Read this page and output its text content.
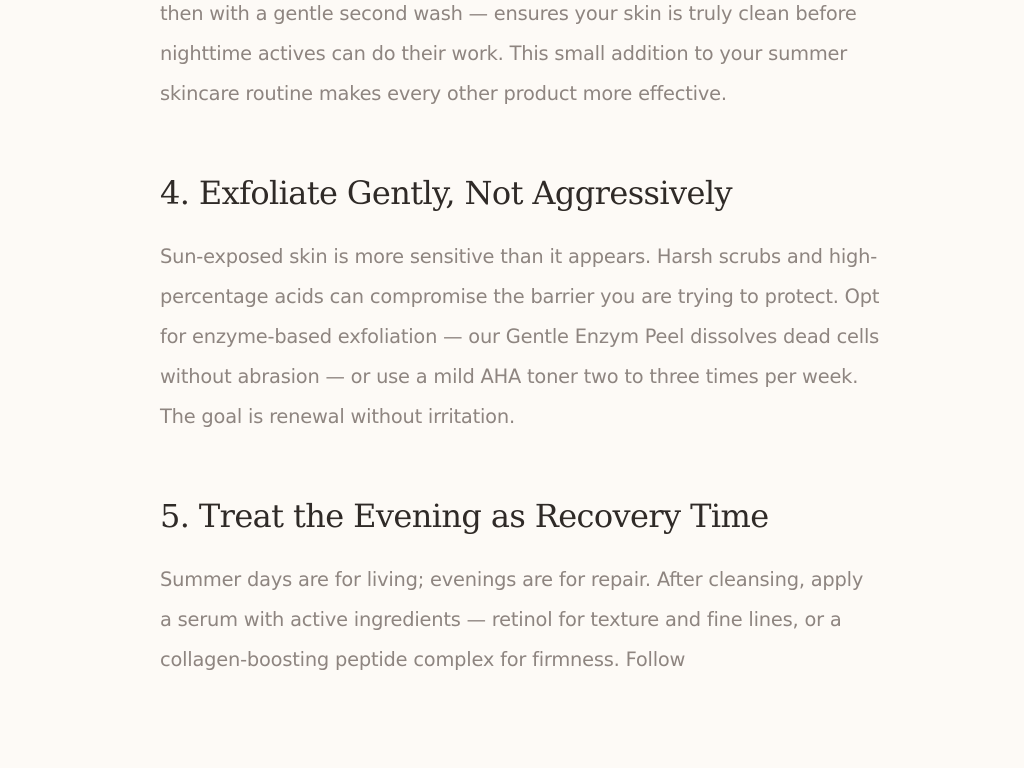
then with a gentle second wash — ensures your skin is truly clean before nighttime actives can do their work. This small addition to your summer skincare routine makes every other product more effective.

4. Exfoliate Gently, Not Aggressively

Sun-exposed skin is more sensitive than it appears. Harsh scrubs and high-percentage acids can compromise the barrier you are trying to protect. Opt for enzyme-based exfoliation — our Gentle Enzym Peel dissolves dead cells without abrasion — or use a mild AHA toner two to three times per week. The goal is renewal without irritation.

5. Treat the Evening as Recovery Time

Summer days are for living; evenings are for repair. After cleansing, apply a serum with active ingredients — retinol for texture and fine lines, or a collagen-boosting peptide complex for firmness. Follow
